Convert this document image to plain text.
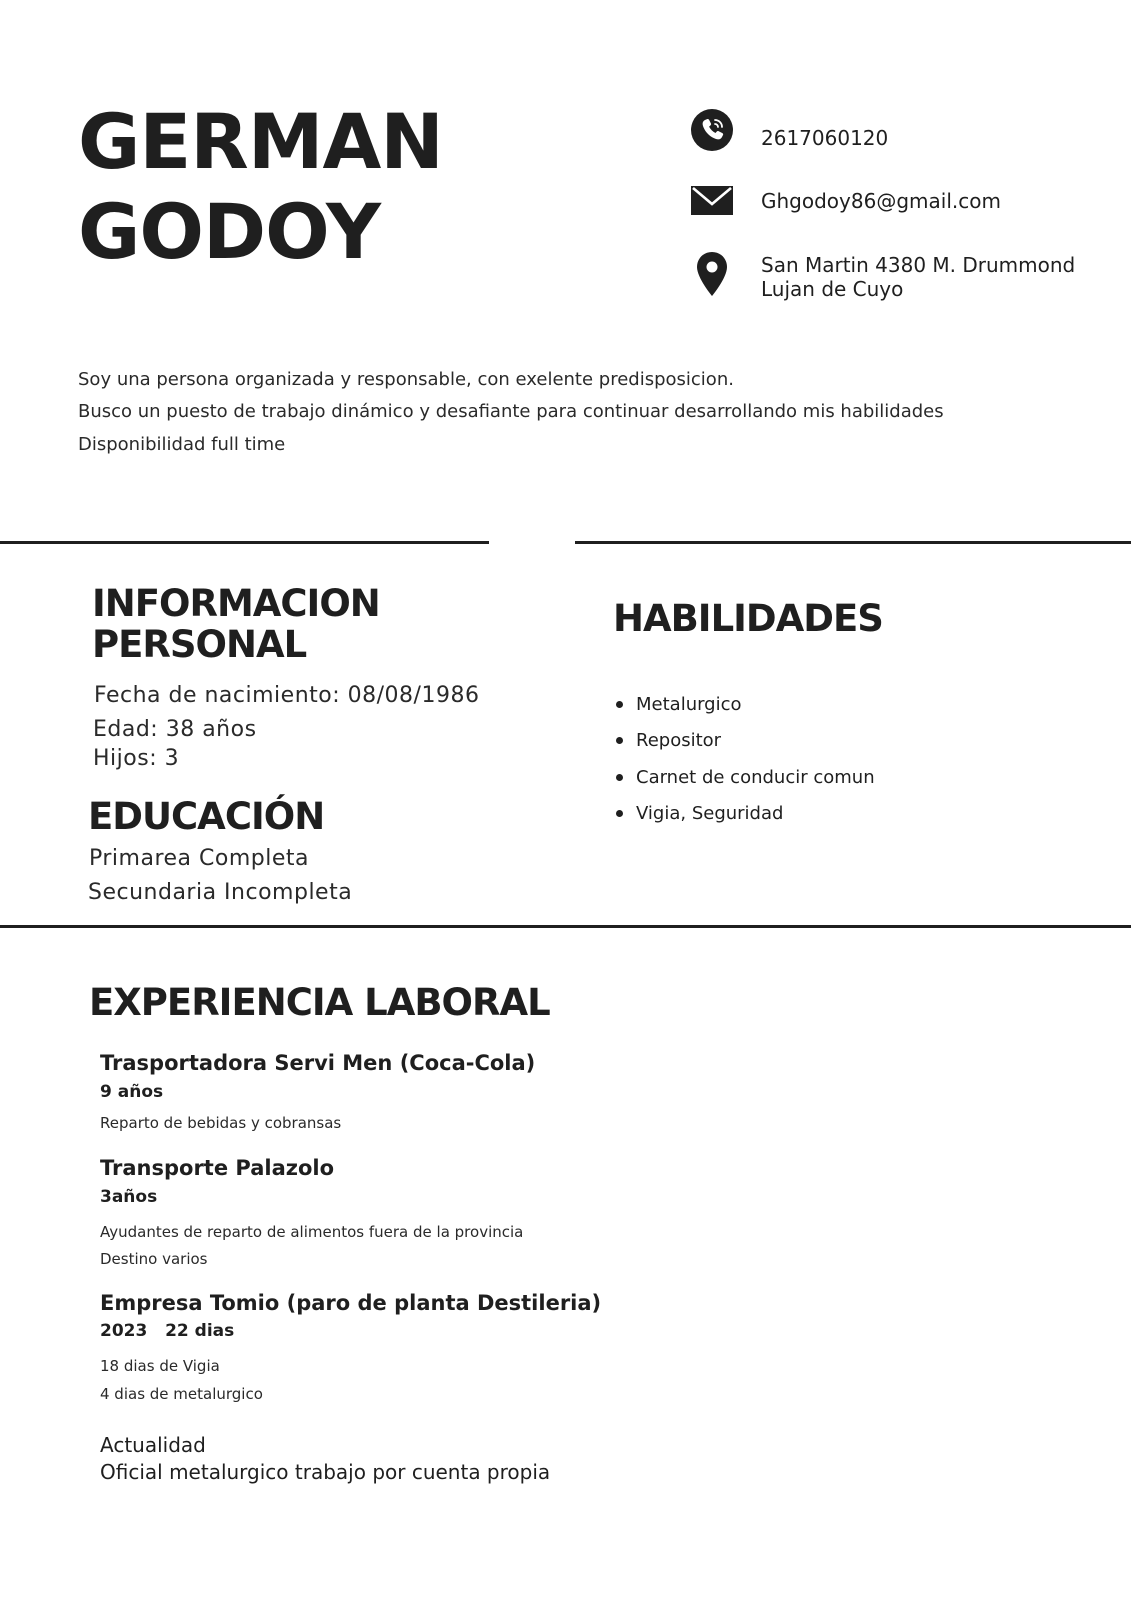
GERMAN
GODOY
2617060120
Ghgodoy86@gmail.com
San Martin 4380 M. Drummond
Lujan de Cuyo
Soy una persona organizada y responsable, con exelente predisposicion.
Busco un puesto de trabajo dinámico y desafiante para continuar desarrollando mis habilidades
Disponibilidad full time
INFORMACION
PERSONAL
Fecha de nacimiento: 08/08/1986
Edad: 38 años
Hijos: 3
EDUCACIÓN
Primarea Completa
Secundaria Incompleta
HABILIDADES
Metalurgico
Repositor
Carnet de conducir comun
Vigia, Seguridad
EXPERIENCIA LABORAL
Trasportadora Servi Men (Coca-Cola)
9 años
Reparto de bebidas y cobransas
Transporte Palazolo
3años
Ayudantes de reparto de alimentos fuera de la provincia
Destino varios
Empresa Tomio (paro de planta Destileria)
2023   22 dias
18 dias de Vigia
4 dias de metalurgico
Actualidad
Oficial metalurgico trabajo por cuenta propia
